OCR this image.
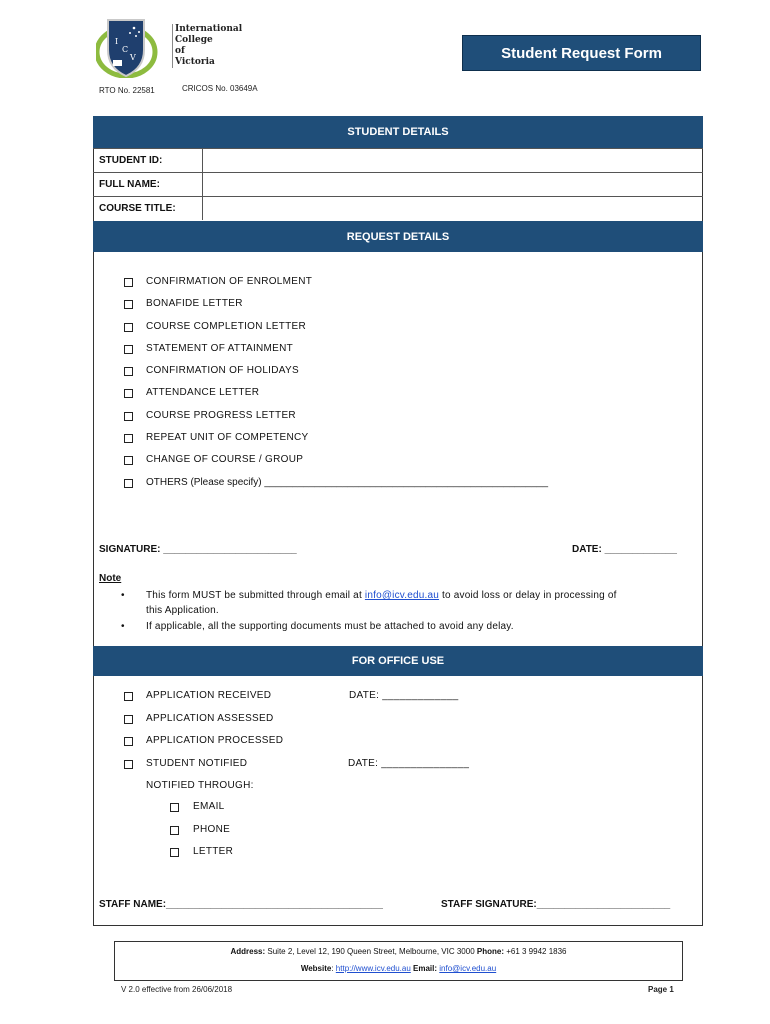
I
C
V
International
College
of
Victoria
Student Request Form
RTO No. 22581	CRICOS No. 03649A
STUDENT DETAILS
STUDENT ID:
FULL NAME:
COURSE TITLE:
REQUEST DETAILS
CONFIRMATION OF ENROLMENT
BONAFIDE LETTER
COURSE COMPLETION LETTER
STATEMENT OF ATTAINMENT
CONFIRMATION OF HOLIDAYS
ATTENDANCE LETTER
COURSE PROGRESS LETTER
REPEAT UNIT OF COMPETENCY
CHANGE OF COURSE / GROUP
OTHERS (Please specify) ___________________________________________________
SIGNATURE: ________________________	DATE: _____________
Note
• This form MUST be submitted through email at info@icv.edu.au to avoid loss or delay in processing of
this Application.
• If applicable, all the supporting documents must be attached to avoid any delay.
FOR OFFICE USE
APPLICATION RECEIVED	DATE: _____________
APPLICATION ASSESSED
APPLICATION PROCESSED
STUDENT NOTIFIED	DATE: _______________
NOTIFIED THROUGH:
EMAIL
PHONE
LETTER
STAFF NAME:_______________________________________	STAFF SIGNATURE:________________________
Address: Suite 2, Level 12, 190 Queen Street, Melbourne, VIC 3000 Phone: +61 3 9942 1836
Website: http://www.icv.edu.au Email: info@icv.edu.au
V 2.0 effective from 26/06/2018	Page 1
